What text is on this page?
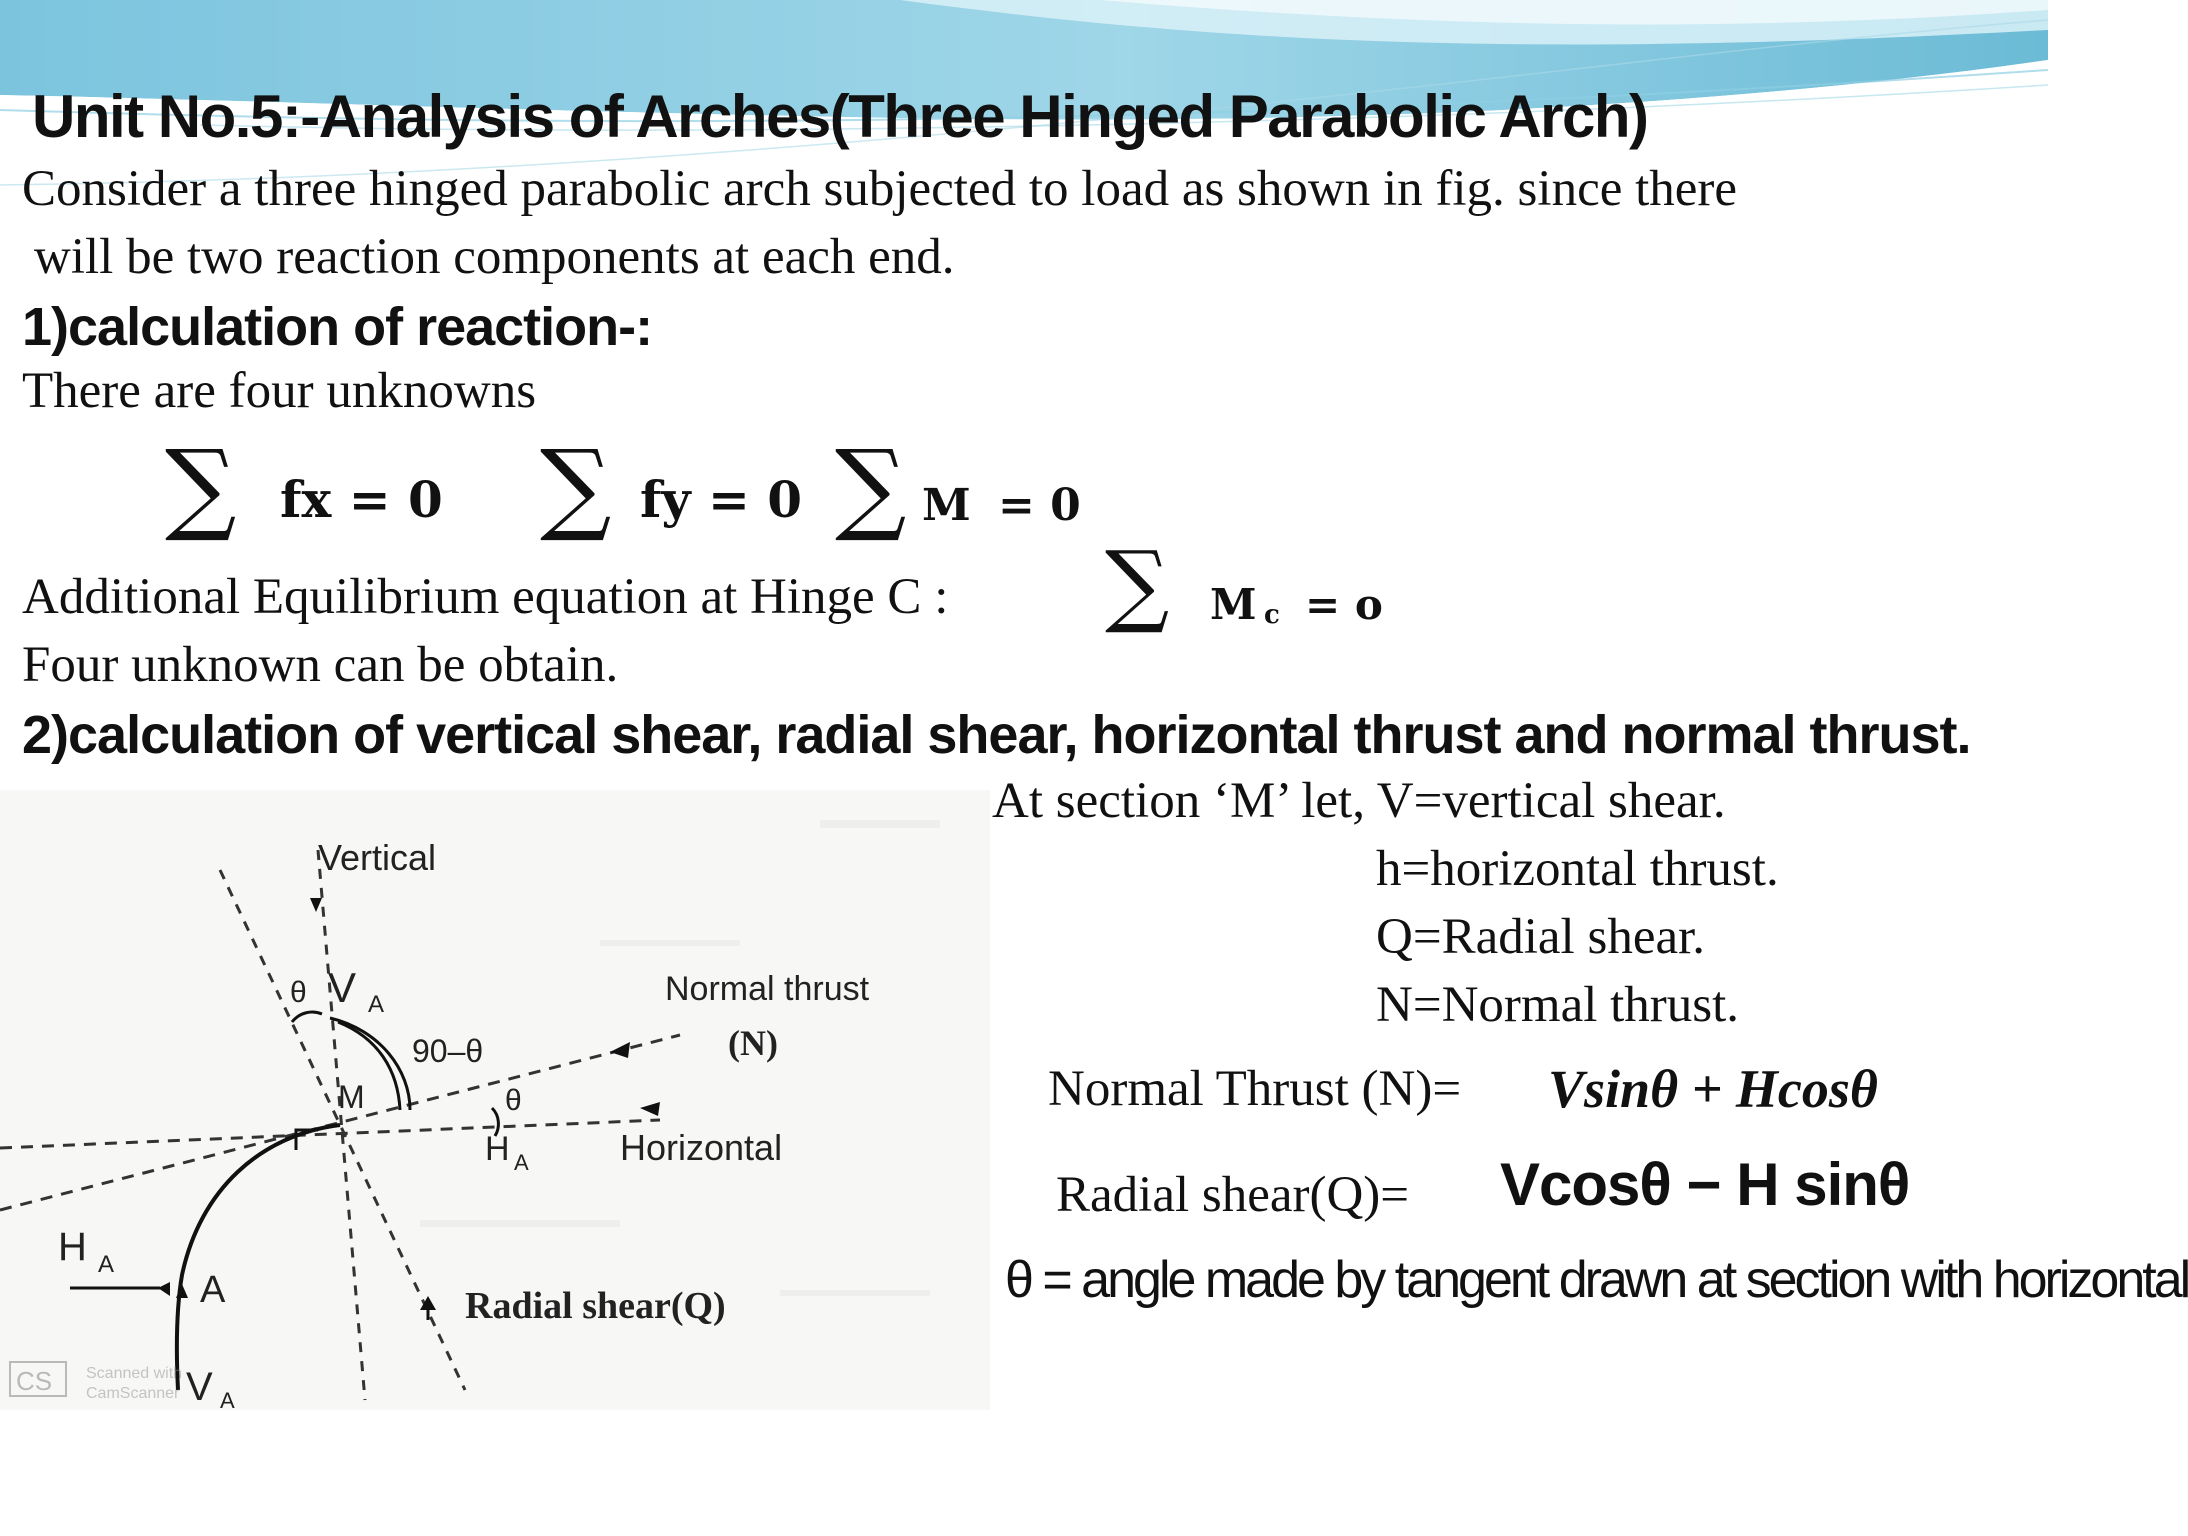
Unit No.5:-Analysis of Arches(Three Hinged Parabolic Arch)
Consider a three hinged parabolic arch subjected to load as shown in fig. since there
will be two reaction components at each end.
1)calculation of reaction-:
There are four unknowns
∑ fx = 0 ∑ fy = 0 ∑ M = 0
Additional Equilibrium equation at Hinge C : ∑ M c = o
Four unknown can be obtain.
2)calculation of vertical shear, radial shear, horizontal thrust and normal thrust.
At section ‘M’ let, V=vertical shear.
h=horizontal thrust.
Q=Radial shear.
N=Normal thrust.
Normal Thrust (N)= Vsinθ + Hcosθ
Radial shear(Q)= Vcosθ − H sinθ
θ = angle made by tangent drawn at section with horizontal
Vertical
θ V A
90–θ
M	θ
Normal thrust
(N)
H A	Horizontal
H A
A	Radial shear(Q)
V A
CS Scanned with
CamScanner
